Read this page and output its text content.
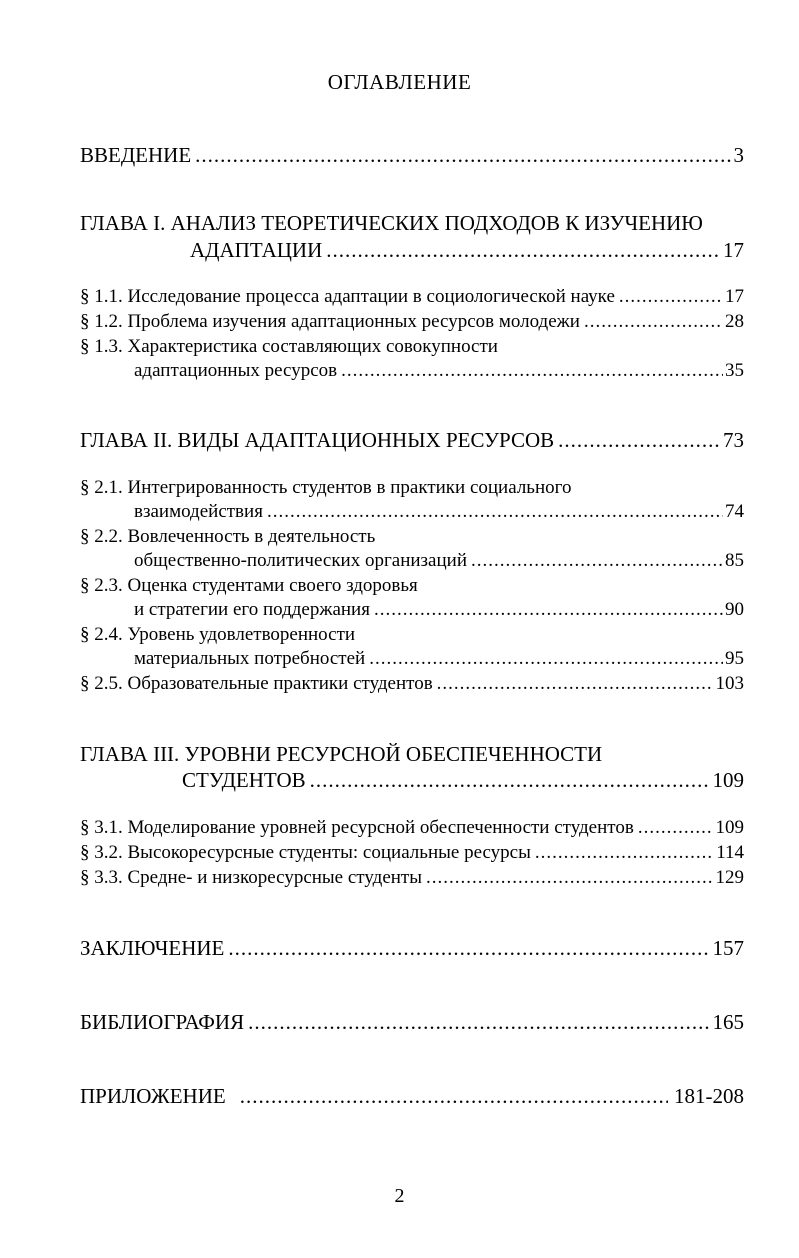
ОГЛАВЛЕНИЕ
ВВЕДЕНИЕ .....	3
ГЛАВА I. АНАЛИЗ ТЕОРЕТИЧЕСКИХ ПОДХОДОВ К ИЗУЧЕНИЮ
АДАПТАЦИИ .....	17
§ 1.1. Исследование процесса адаптации в социологической науке .....	17
§ 1.2. Проблема изучения адаптационных ресурсов молодежи .....	28
§ 1.3. Характеристика составляющих совокупности
адаптационных ресурсов .....	35
ГЛАВА II. ВИДЫ АДАПТАЦИОННЫХ РЕСУРСОВ .....	73
§ 2.1. Интегрированность студентов в практики социального
взаимодействия .....	74
§ 2.2. Вовлеченность в деятельность
общественно-политических организаций .....	85
§ 2.3. Оценка студентами своего здоровья
и стратегии его поддержания .....	90
§ 2.4. Уровень удовлетворенности
материальных потребностей .....	95
§ 2.5. Образовательные практики студентов .....	103
ГЛАВА III. УРОВНИ РЕСУРСНОЙ ОБЕСПЕЧЕННОСТИ
СТУДЕНТОВ .....	109
§ 3.1. Моделирование уровней ресурсной обеспеченности студентов .....	109
§ 3.2. Высокоресурсные студенты: социальные ресурсы .....	114
§ 3.3. Средне- и низкоресурсные студенты .....	129
ЗАКЛЮЧЕНИЕ .....	157
БИБЛИОГРАФИЯ .....	165
ПРИЛОЖЕНИЕ .....	181-208
2
